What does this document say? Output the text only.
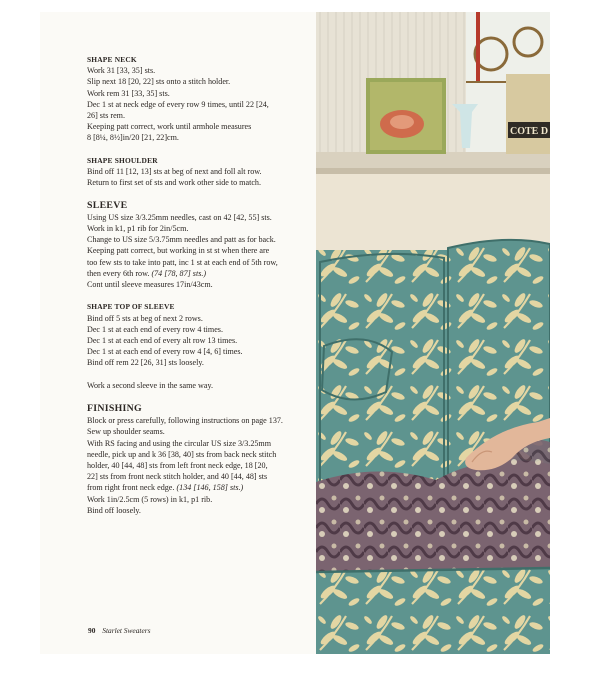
SHAPE NECK

Work 31 [33, 35] sts.

Slip next 18 [20, 22] sts onto a stitch holder.

Work rem 31 [33, 35] sts.

Dec 1 st at neck edge of every row 9 times, until 22 [24,

26] sts rem.

Keeping patt correct, work until armhole measures

8 [8¼, 8½]in/20 [21, 22]cm.

SHAPE SHOULDER

Bind off 11 [12, 13] sts at beg of next and foll alt row.

Return to first set of sts and work other side to match.

SLEEVE

Using US size 3/3.25mm needles, cast on 42 [42, 55] sts.

Work in k1, p1 rib for 2in/5cm.

Change to US size 5/3.75mm needles and patt as for back.

Keeping patt correct, but working in st st when there are

too few sts to take into patt, inc 1 st at each end of 5th row,

then every 6th row. (74 [78, 87] sts.)

Cont until sleeve measures 17in/43cm.

SHAPE TOP OF SLEEVE

Bind off 5 sts at beg of next 2 rows.

Dec 1 st at each end of every row 4 times.

Dec 1 st at each end of every alt row 13 times.

Dec 1 st at each end of every row 4 [4, 6] times.

Bind off rem 22 [26, 31] sts loosely.

Work a second sleeve in the same way.

FINISHING

Block or press carefully, following instructions on page 137.

Sew up shoulder seams.

With RS facing and using the circular US size 3/3.25mm

needle, pick up and k 36 [38, 40] sts from back neck stitch

holder, 40 [44, 48] sts from left front neck edge, 18 [20,

22] sts from front neck stitch holder, and 40 [44, 48] sts

from right front neck edge. (134 [146, 158] sts.)

Work 1in/2.5cm (5 rows) in k1, p1 rib.

Bind off loosely.

90 Starlet Sweaters
COTE D
